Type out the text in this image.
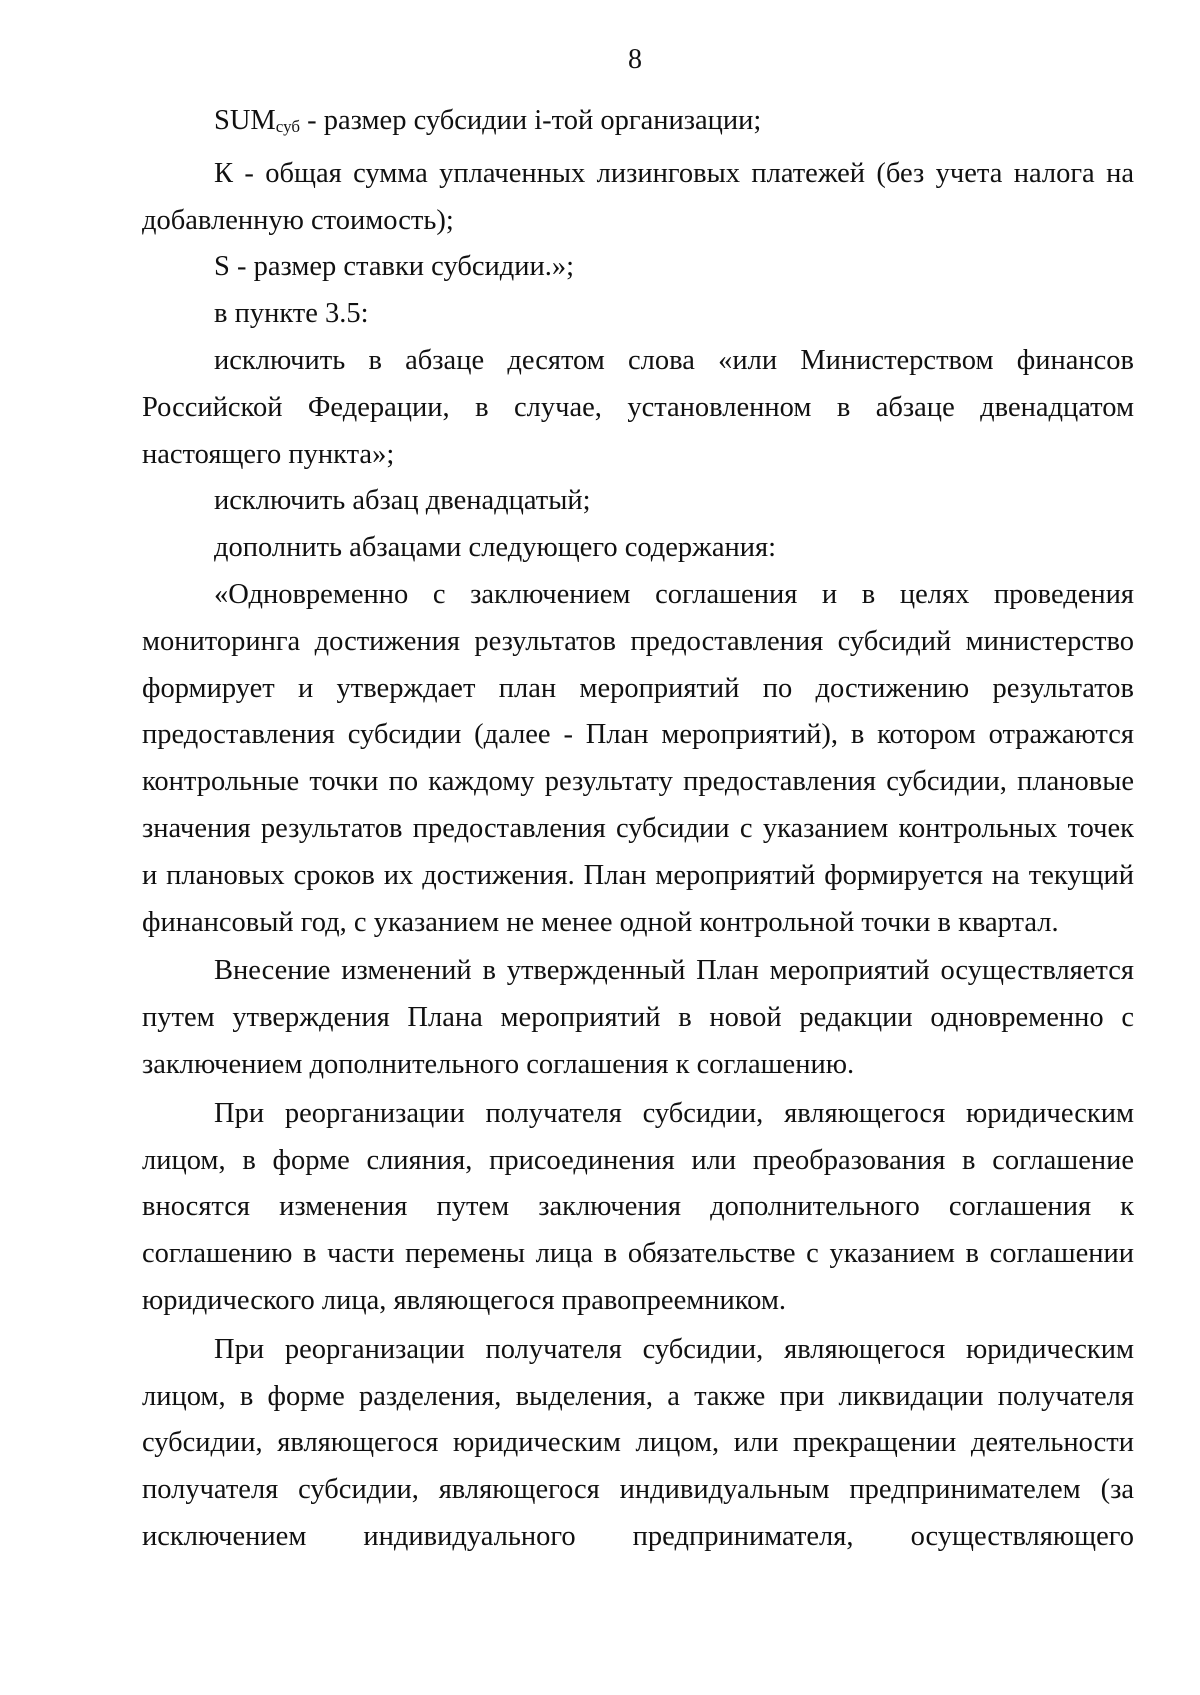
8

SUMсуб - размер субсидии i-той организации;

К - общая сумма уплаченных лизинговых платежей (без учета налога на добавленную стоимость);

S - размер ставки субсидии.»;

в пункте 3.5:

исключить в абзаце десятом слова «или Министерством финансов Российской Федерации, в случае, установленном в абзаце двенадцатом настоящего пункта»;

исключить абзац двенадцатый;

дополнить абзацами следующего содержания:

«Одновременно с заключением соглашения и в целях проведения мониторинга достижения результатов предоставления субсидий министерство формирует и утверждает план мероприятий по достижению результатов предоставления субсидии (далее - План мероприятий), в котором отражаются контрольные точки по каждому результату предоставления субсидии, плановые значения результатов предоставления субсидии с указанием контрольных точек и плановых сроков их достижения. План мероприятий формируется на текущий финансовый год, с указанием не менее одной контрольной точки в квартал.

Внесение изменений в утвержденный План мероприятий осуществляется путем утверждения Плана мероприятий в новой редакции одновременно с заключением дополнительного соглашения к соглашению.

При реорганизации получателя субсидии, являющегося юридическим лицом, в форме слияния, присоединения или преобразования в соглашение вносятся изменения путем заключения дополнительного соглашения к соглашению в части перемены лица в обязательстве с указанием в соглашении юридического лица, являющегося правопреемником.

При реорганизации получателя субсидии, являющегося юридическим лицом, в форме разделения, выделения, а также при ликвидации получателя субсидии, являющегося юридическим лицом, или прекращении деятельности получателя субсидии, являющегося индивидуальным предпринимателем (за исключением индивидуального предпринимателя, осуществляющего
